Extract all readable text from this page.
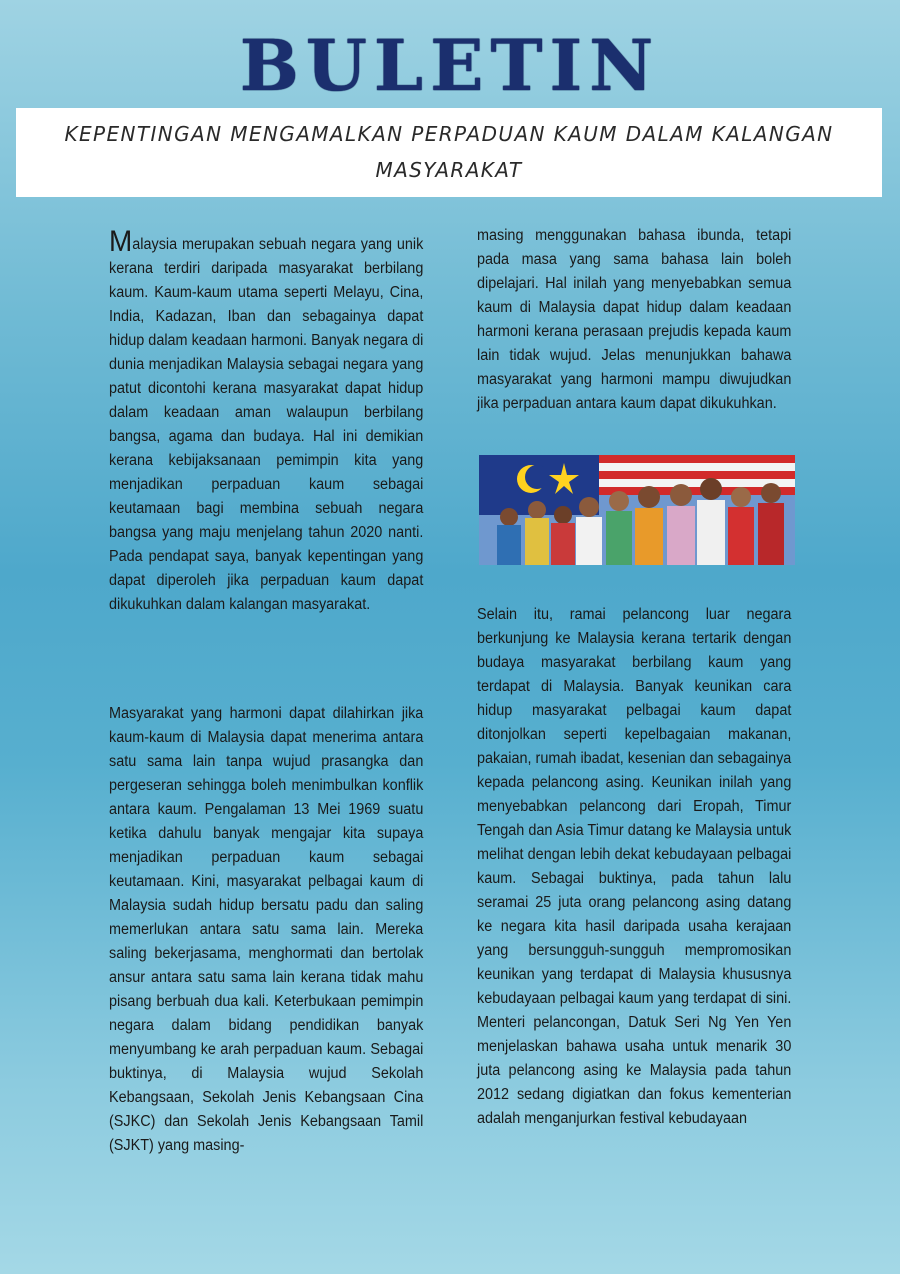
BULETIN
KEPENTINGAN MENGAMALKAN PERPADUAN KAUM DALAM KALANGAN
MASYARAKAT

Malaysia merupakan sebuah negara yang unik kerana terdiri daripada masyarakat berbilang kaum. Kaum-kaum utama seperti Melayu, Cina, India, Kadazan, Iban dan sebagainya dapat hidup dalam keadaan harmoni. Banyak negara di dunia menjadikan Malaysia sebagai negara yang patut dicontohi kerana masyarakat dapat hidup dalam keadaan aman walaupun berbilang bangsa, agama dan budaya. Hal ini demikian kerana kebijaksanaan pemimpin kita yang menjadikan perpaduan kaum sebagai keutamaan bagi membina sebuah negara bangsa yang maju menjelang tahun 2020 nanti. Pada pendapat saya, banyak kepentingan yang dapat diperoleh jika perpaduan kaum dapat dikukuhkan dalam kalangan masyarakat.

Masyarakat yang harmoni dapat dilahirkan jika kaum-kaum di Malaysia dapat menerima antara satu sama lain tanpa wujud prasangka dan pergeseran sehingga boleh menimbulkan konflik antara kaum. Pengalaman 13 Mei 1969 suatu ketika dahulu banyak mengajar kita supaya menjadikan perpaduan kaum sebagai keutamaan. Kini, masyarakat pelbagai kaum di Malaysia sudah hidup bersatu padu dan saling memerlukan antara satu sama lain. Mereka saling bekerjasama, menghormati dan bertolak ansur antara satu sama lain kerana tidak mahu pisang berbuah dua kali. Keterbukaan pemimpin negara dalam bidang pendidikan banyak menyumbang ke arah perpaduan kaum. Sebagai buktinya, di Malaysia wujud Sekolah Kebangsaan, Sekolah Jenis Kebangsaan Cina (SJKC) dan Sekolah Jenis Kebangsaan Tamil (SJKT) yang masing-

masing menggunakan bahasa ibunda, tetapi pada masa yang sama bahasa lain boleh dipelajari. Hal inilah yang menyebabkan semua kaum di Malaysia dapat hidup dalam keadaan harmoni kerana perasaan prejudis kepada kaum lain tidak wujud. Jelas menunjukkan bahawa masyarakat yang harmoni mampu diwujudkan jika perpaduan antara kaum dapat dikukuhkan.

Selain itu, ramai pelancong luar negara berkunjung ke Malaysia kerana tertarik dengan budaya masyarakat berbilang kaum yang terdapat di Malaysia. Banyak keunikan cara hidup masyarakat pelbagai kaum dapat ditonjolkan seperti kepelbagaian makanan, pakaian, rumah ibadat, kesenian dan sebagainya kepada pelancong asing. Keunikan inilah yang menyebabkan pelancong dari Eropah, Timur Tengah dan Asia Timur datang ke Malaysia untuk melihat dengan lebih dekat kebudayaan pelbagai kaum. Sebagai buktinya, pada tahun lalu seramai 25 juta orang pelancong asing datang ke negara kita hasil daripada usaha kerajaan yang bersungguh-sungguh mempromosikan keunikan yang terdapat di Malaysia khususnya kebudayaan pelbagai kaum yang terdapat di sini. Menteri pelancongan, Datuk Seri Ng Yen Yen menjelaskan bahawa usaha untuk menarik 30 juta pelancong asing ke Malaysia pada tahun 2012 sedang digiatkan dan fokus kementerian adalah menganjurkan festival kebudayaan
